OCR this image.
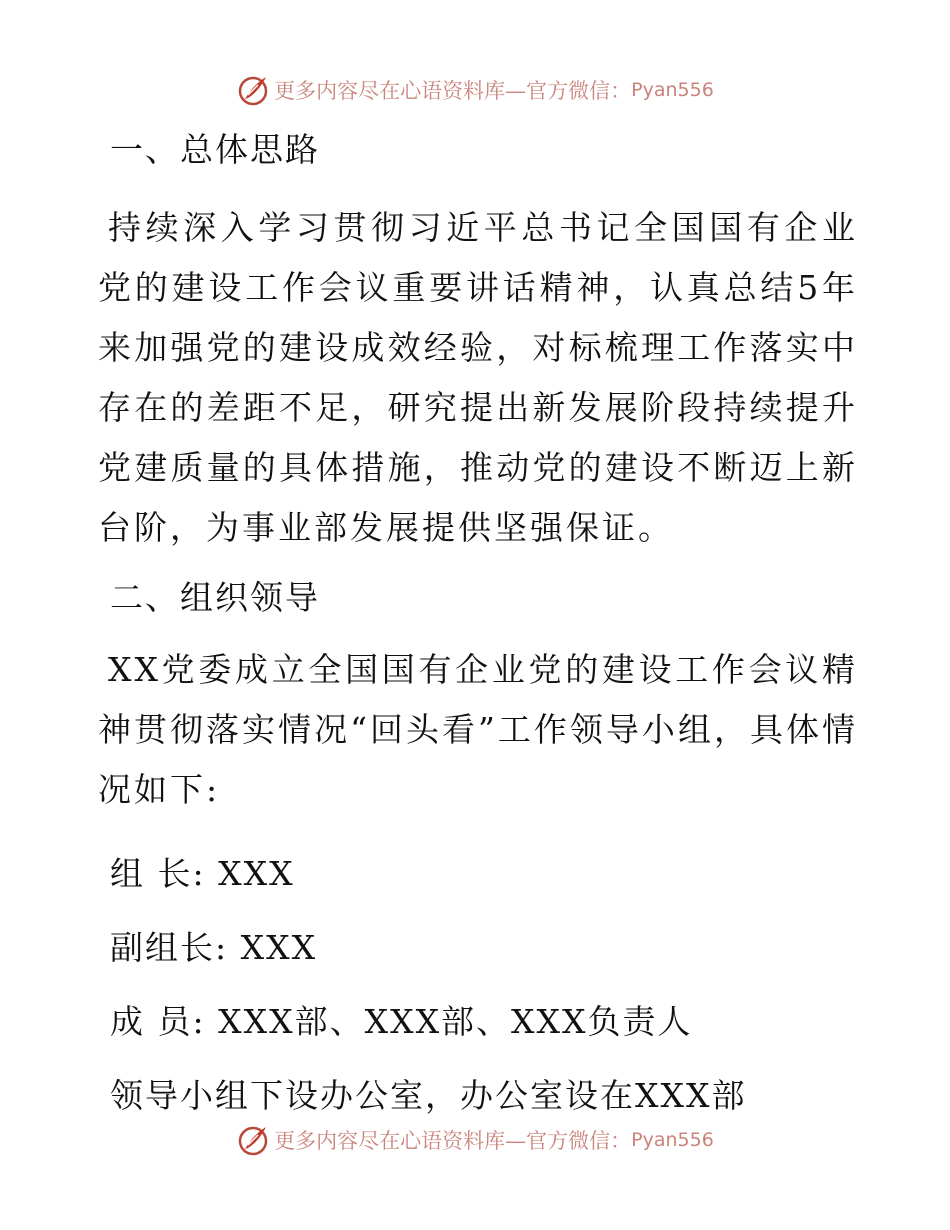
更多内容尽在心语资料库—官方微信： Pyan556
一、总体思路
持续深入学习贯彻习近平总书记全国国有企业党的建设工作会议重要讲话精神，认真总结5年来加强党的建设成效经验，对标梳理工作落实中存在的差距不足，研究提出新发展阶段持续提升党建质量的具体措施，推动党的建设不断迈上新台阶，为事业部发展提供坚强保证。
二、组织领导
XX党委成立全国国有企业党的建设工作会议精神贯彻落实情况“回头看”工作领导小组，具体情况如下:
组 长: XXX
副组长: XXX
成 员: XXX部、XXX部、XXX负责人
领导小组下设办公室，办公室设在XXX部
更多内容尽在心语资料库—官方微信： Pyan556
